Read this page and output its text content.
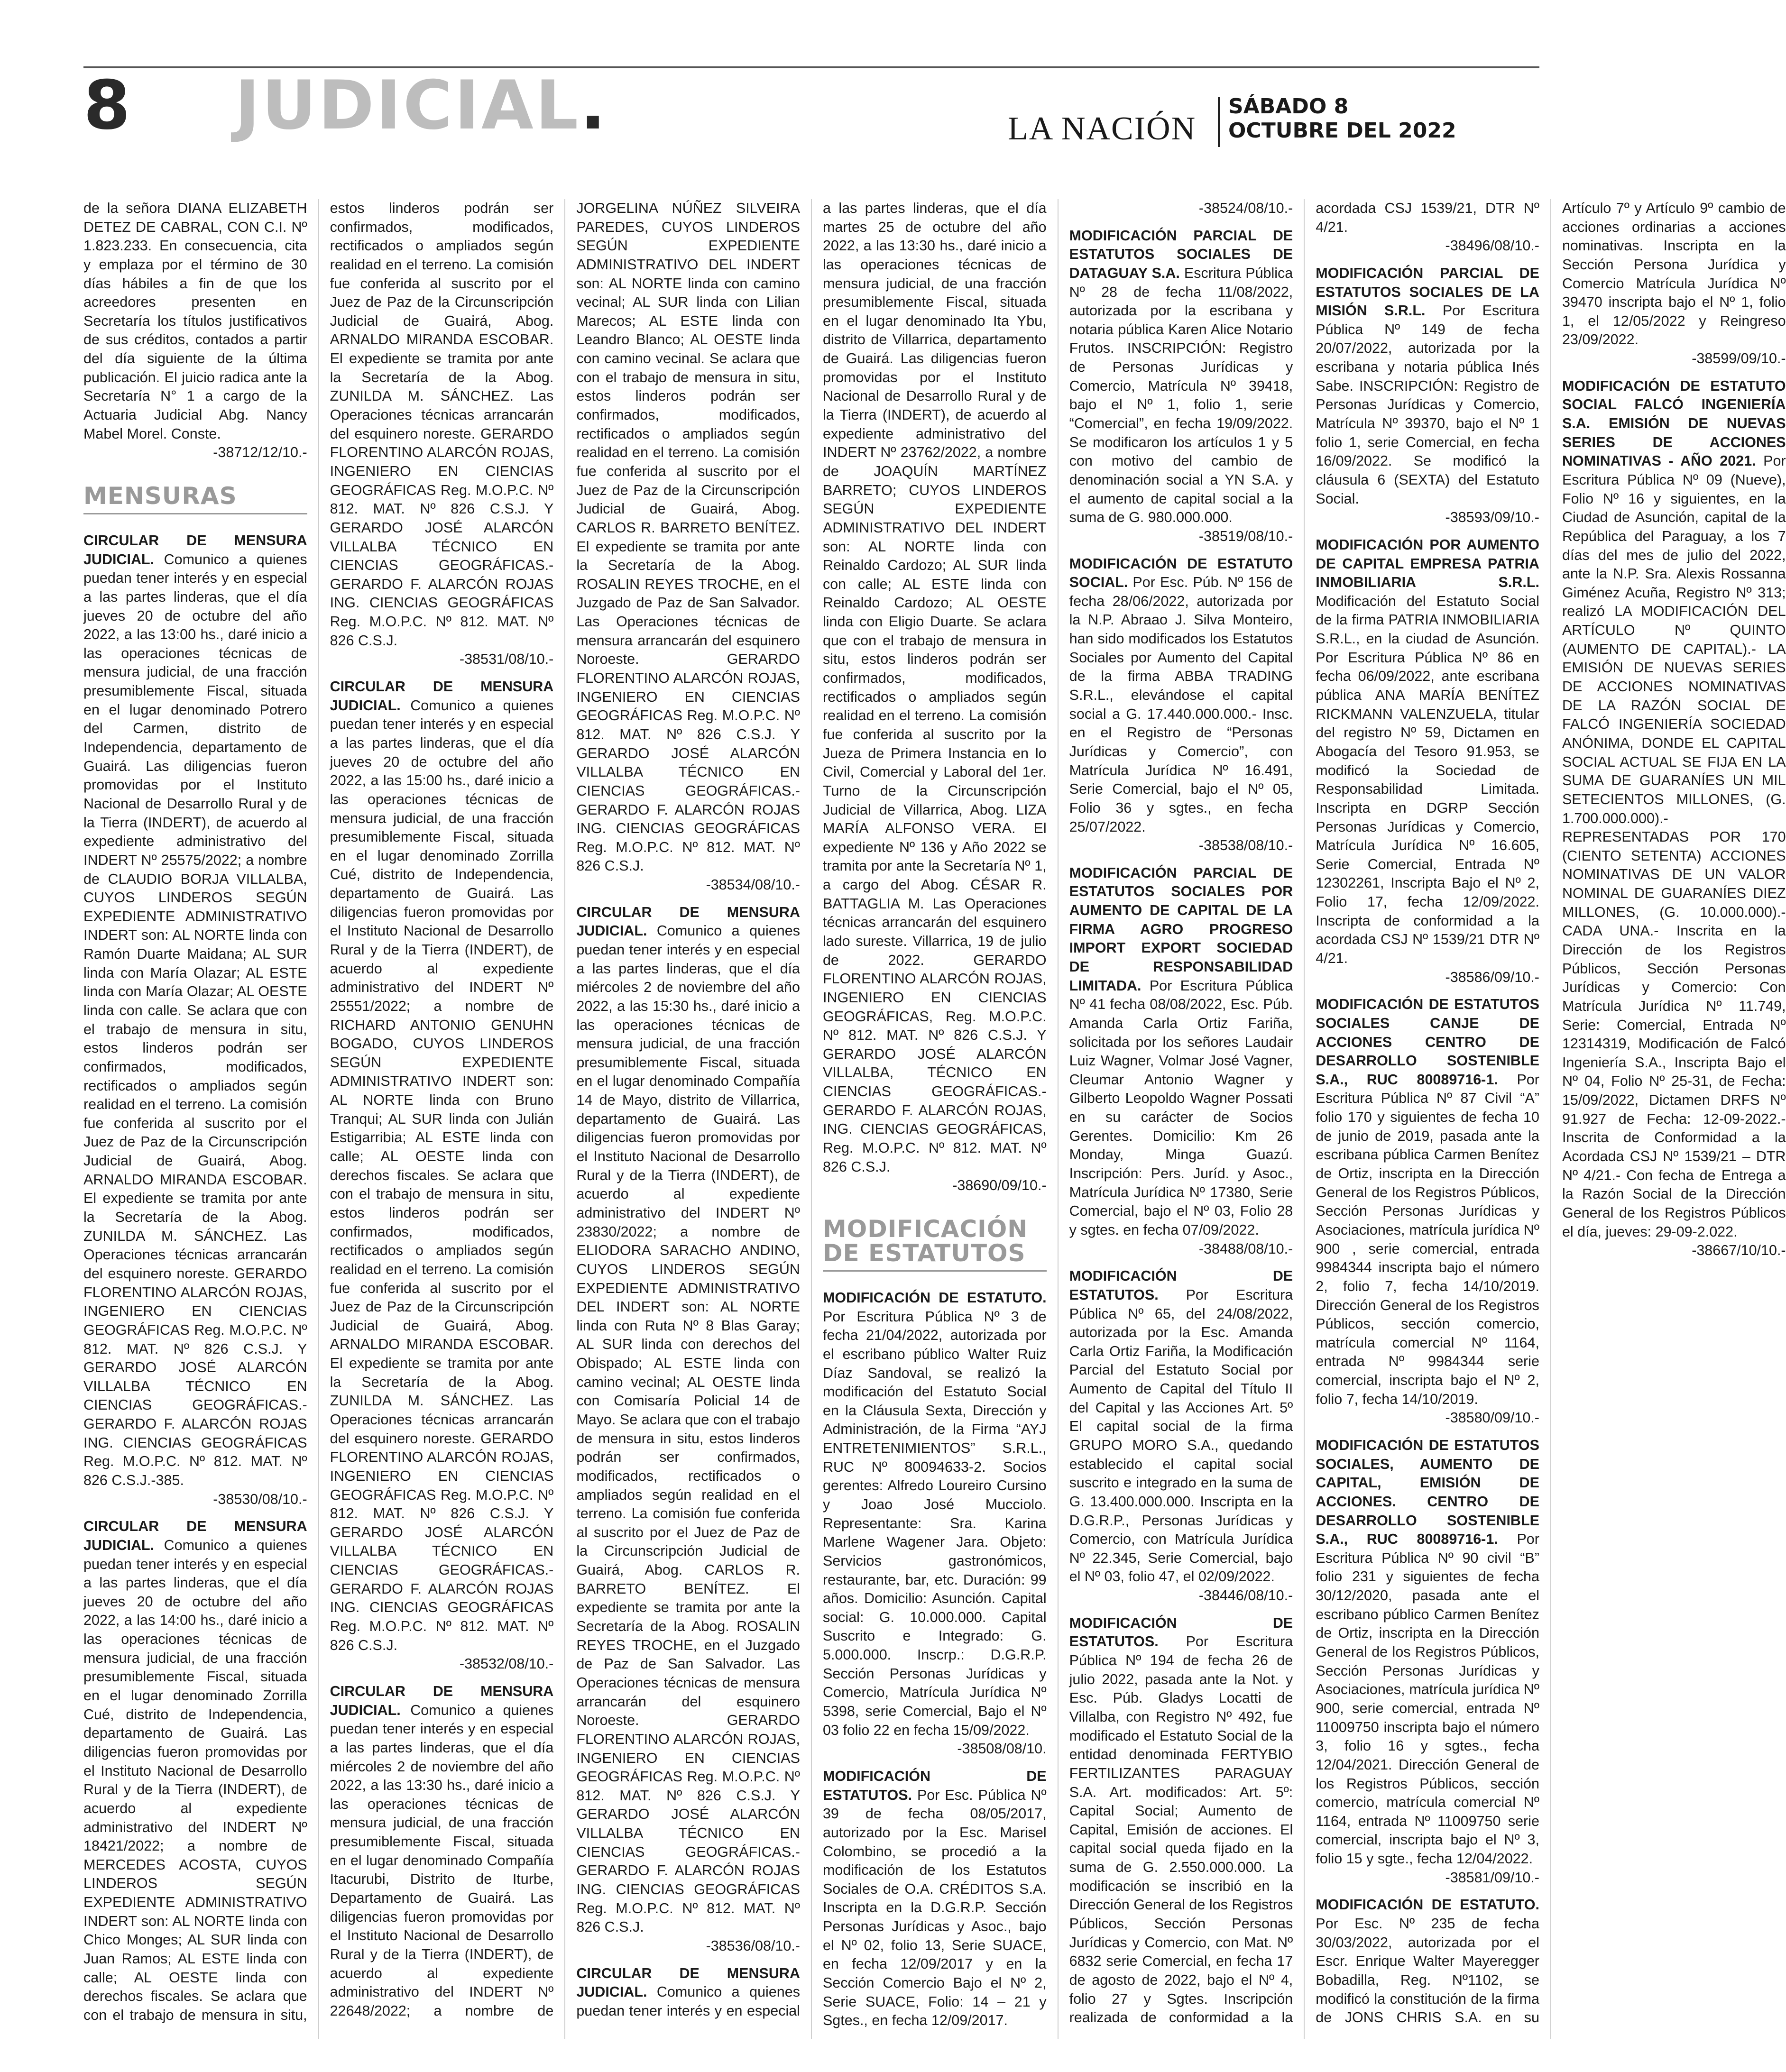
8 JUDICIAL.	LA NACIÓN
SÁBADO 8
OCTUBRE DEL 2022

de la señora DIANA ELIZABETH DETEZ DE CABRAL, CON C.I. Nº 1.823.233. En consecuencia, cita y emplaza por el término de 30 días hábiles a fin de que los acreedores presenten en Secretaría los títulos justificativos de sus créditos, contados a partir del día siguiente de la última publicación. El juicio radica ante la Secretaría N° 1 a cargo de la Actuaria Judicial Abg. Nancy Mabel Morel. Conste.
-38712/12/10.-

MENSURAS

CIRCULAR DE MENSURA JUDICIAL. Comunico a quienes puedan tener interés y en especial a las partes linderas, que el día jueves 20 de octubre del año 2022, a las 13:00 hs., daré inicio a las operaciones técnicas de mensura judicial, de una fracción presumiblemente Fiscal, situada en el lugar denominado Potrero del Carmen, distrito de Independencia, departamento de Guairá. Las diligencias fueron promovidas por el Instituto Nacional de Desarrollo Rural y de la Tierra (INDERT), de acuerdo al expediente administrativo del INDERT Nº 25575/2022; a nombre de CLAUDIO BORJA VILLALBA, CUYOS LINDEROS SEGÚN EXPEDIENTE ADMINISTRATIVO INDERT son: AL NORTE linda con Ramón Duarte Maidana; AL SUR linda con María Olazar; AL ESTE linda con María Olazar; AL OESTE linda con calle. Se aclara que con el trabajo de mensura in situ, estos linderos podrán ser confirmados, modificados, rectificados o ampliados según realidad en el terreno. La comisión fue conferida al suscrito por el Juez de Paz de la Circunscripción Judicial de Guairá, Abog. ARNALDO MIRANDA ESCOBAR. El expediente se tramita por ante la Secretaría de la Abog. ZUNILDA M. SÁNCHEZ. Las Operaciones técnicas arrancarán del esquinero noreste. GERARDO FLORENTINO ALARCÓN ROJAS, INGENIERO EN CIENCIAS GEOGRÁFICAS Reg. M.O.P.C. Nº 812. MAT. Nº 826 C.S.J. Y GERARDO JOSÉ ALARCÓN VILLALBA TÉCNICO EN CIENCIAS GEOGRÁFICAS.- GERARDO F. ALARCÓN ROJAS ING. CIENCIAS GEOGRÁFICAS Reg. M.O.P.C. Nº 812. MAT. Nº 826 C.S.J.-385.
-38530/08/10.-

CIRCULAR DE MENSURA JUDICIAL. Comunico a quienes puedan tener interés y en especial a las partes linderas, que el día jueves 20 de octubre del año 2022, a las 14:00 hs., daré inicio a las operaciones técnicas de mensura judicial, de una fracción presumiblemente Fiscal, situada en el lugar denominado Zorrilla Cué, distrito de Independencia, departamento de Guairá. Las diligencias fueron promovidas por el Instituto Nacional de Desarrollo Rural y de la Tierra (INDERT), de acuerdo al expediente administrativo del INDERT Nº 18421/2022; a nombre de MERCEDES ACOSTA, CUYOS LINDEROS SEGÚN EXPEDIENTE ADMINISTRATIVO INDERT son: AL NORTE linda con Chico Monges; AL SUR linda con Juan Ramos; AL ESTE linda con calle; AL OESTE linda con derechos fiscales. Se aclara que con el trabajo de mensura in situ, estos linderos podrán ser confirmados, modificados, rectificados o ampliados según realidad en el terreno. La comisión fue conferida al suscrito por el Juez de Paz de la Circunscripción Judicial de Guairá, Abog. ARNALDO MIRANDA ESCOBAR. El expediente se tramita por ante la Secretaría de la Abog. ZUNILDA M. SÁNCHEZ. Las Operaciones técnicas arrancarán del esquinero noreste. GERARDO FLORENTINO ALARCÓN ROJAS, INGENIERO EN CIENCIAS GEOGRÁFICAS Reg. M.O.P.C. Nº 812. MAT. Nº 826 C.S.J. Y GERARDO JOSÉ ALARCÓN VILLALBA TÉCNICO EN CIENCIAS GEOGRÁFICAS.- GERARDO F. ALARCÓN ROJAS ING. CIENCIAS GEOGRÁFICAS Reg. M.O.P.C. Nº 812. MAT. Nº 826 C.S.J.
-38531/08/10.-

CIRCULAR DE MENSURA JUDICIAL. Comunico a quienes puedan tener interés y en especial a las partes linderas, que el día jueves 20 de octubre del año 2022, a las 15:00 hs., daré inicio a las operaciones técnicas de mensura judicial, de una fracción presumiblemente Fiscal, situada en el lugar denominado Zorrilla Cué, distrito de Independencia, departamento de Guairá. Las diligencias fueron promovidas por el Instituto Nacional de Desarrollo Rural y de la Tierra (INDERT), de acuerdo al expediente administrativo del INDERT Nº 25551/2022; a nombre de RICHARD ANTONIO GENUHN BOGADO, CUYOS LINDEROS SEGÚN EXPEDIENTE ADMINISTRATIVO INDERT son: AL NORTE linda con Bruno Tranqui; AL SUR linda con Julián Estigarribia; AL ESTE linda con calle; AL OESTE linda con derechos fiscales. Se aclara que con el trabajo de mensura in situ, estos linderos podrán ser confirmados, modificados, rectificados o ampliados según realidad en el terreno. La comisión fue conferida al suscrito por el Juez de Paz de la Circunscripción Judicial de Guairá, Abog. ARNALDO MIRANDA ESCOBAR. El expediente se tramita por ante la Secretaría de la Abog. ZUNILDA M. SÁNCHEZ. Las Operaciones técnicas arrancarán del esquinero noreste. GERARDO FLORENTINO ALARCÓN ROJAS, INGENIERO EN CIENCIAS GEOGRÁFICAS Reg. M.O.P.C. Nº 812. MAT. Nº 826 C.S.J. Y GERARDO JOSÉ ALARCÓN VILLALBA TÉCNICO EN CIENCIAS GEOGRÁFICAS.- GERARDO F. ALARCÓN ROJAS ING. CIENCIAS GEOGRÁFICAS Reg. M.O.P.C. Nº 812. MAT. Nº 826 C.S.J.
-38532/08/10.-

CIRCULAR DE MENSURA JUDICIAL. Comunico a quienes puedan tener interés y en especial a las partes linderas, que el día miércoles 2 de noviembre del año 2022, a las 13:30 hs., daré inicio a las operaciones técnicas de mensura judicial, de una fracción presumiblemente Fiscal, situada en el lugar denominado Compañía Itacurubi, Distrito de Iturbe, Departamento de Guairá. Las diligencias fueron promovidas por el Instituto Nacional de Desarrollo Rural y de la Tierra (INDERT), de acuerdo al expediente administrativo del INDERT Nº 22648/2022; a nombre de JORGELINA NÚÑEZ SILVEIRA PAREDES, CUYOS LINDEROS SEGÚN EXPEDIENTE ADMINISTRATIVO DEL INDERT son: AL NORTE linda con camino vecinal; AL SUR linda con Lilian Marecos; AL ESTE linda con Leandro Blanco; AL OESTE linda con camino vecinal. Se aclara que con el trabajo de mensura in situ, estos linderos podrán ser confirmados, modificados, rectificados o ampliados según realidad en el terreno. La comisión fue conferida al suscrito por el Juez de Paz de la Circunscripción Judicial de Guairá, Abog. CARLOS R. BARRETO BENÍTEZ. El expediente se tramita por ante la Secretaría de la Abog. ROSALIN REYES TROCHE, en el Juzgado de Paz de San Salvador. Las Operaciones técnicas de mensura arrancarán del esquinero Noroeste. GERARDO FLORENTINO ALARCÓN ROJAS, INGENIERO EN CIENCIAS GEOGRÁFICAS Reg. M.O.P.C. Nº 812. MAT. Nº 826 C.S.J. Y GERARDO JOSÉ ALARCÓN VILLALBA TÉCNICO EN CIENCIAS GEOGRÁFICAS.- GERARDO F. ALARCÓN ROJAS ING. CIENCIAS GEOGRÁFICAS Reg. M.O.P.C. Nº 812. MAT. Nº 826 C.S.J.
-38534/08/10.-

CIRCULAR DE MENSURA JUDICIAL. Comunico a quienes puedan tener interés y en especial a las partes linderas, que el día miércoles 2 de noviembre del año 2022, a las 15:30 hs., daré inicio a las operaciones técnicas de mensura judicial, de una fracción presumiblemente Fiscal, situada en el lugar denominado Compañía 14 de Mayo, distrito de Villarrica, departamento de Guairá. Las diligencias fueron promovidas por el Instituto Nacional de Desarrollo Rural y de la Tierra (INDERT), de acuerdo al expediente administrativo del INDERT Nº 23830/2022; a nombre de ELIODORA SARACHO ANDINO, CUYOS LINDEROS SEGÚN EXPEDIENTE ADMINISTRATIVO DEL INDERT son: AL NORTE linda con Ruta Nº 8 Blas Garay; AL SUR linda con derechos del Obispado; AL ESTE linda con camino vecinal; AL OESTE linda con Comisaría Policial 14 de Mayo. Se aclara que con el trabajo de mensura in situ, estos linderos podrán ser confirmados, modificados, rectificados o ampliados según realidad en el terreno. La comisión fue conferida al suscrito por el Juez de Paz de la Circunscripción Judicial de Guairá, Abog. CARLOS R. BARRETO BENÍTEZ. El expediente se tramita por ante la Secretaría de la Abog. ROSALIN REYES TROCHE, en el Juzgado de Paz de San Salvador. Las Operaciones técnicas de mensura arrancarán del esquinero Noroeste. GERARDO FLORENTINO ALARCÓN ROJAS, INGENIERO EN CIENCIAS GEOGRÁFICAS Reg. M.O.P.C. Nº 812. MAT. Nº 826 C.S.J. Y GERARDO JOSÉ ALARCÓN VILLALBA TÉCNICO EN CIENCIAS GEOGRÁFICAS.- GERARDO F. ALARCÓN ROJAS ING. CIENCIAS GEOGRÁFICAS Reg. M.O.P.C. Nº 812. MAT. Nº 826 C.S.J.
-38536/08/10.-

CIRCULAR DE MENSURA JUDICIAL. Comunico a quienes puedan tener interés y en especial a las partes linderas, que el día martes 25 de octubre del año 2022, a las 13:30 hs., daré inicio a las operaciones técnicas de mensura judicial, de una fracción presumiblemente Fiscal, situada en el lugar denominado Ita Ybu, distrito de Villarrica, departamento de Guairá. Las diligencias fueron promovidas por el Instituto Nacional de Desarrollo Rural y de la Tierra (INDERT), de acuerdo al expediente administrativo del INDERT Nº 23762/2022, a nombre de JOAQUÍN MARTÍNEZ BARRETO; CUYOS LINDEROS SEGÚN EXPEDIENTE ADMINISTRATIVO DEL INDERT son: AL NORTE linda con Reinaldo Cardozo; AL SUR linda con calle; AL ESTE linda con Reinaldo Cardozo; AL OESTE linda con Eligio Duarte. Se aclara que con el trabajo de mensura in situ, estos linderos podrán ser confirmados, modificados, rectificados o ampliados según realidad en el terreno. La comisión fue conferida al suscrito por la Jueza de Primera Instancia en lo Civil, Comercial y Laboral del 1er. Turno de la Circunscripción Judicial de Villarrica, Abog. LIZA MARÍA ALFONSO VERA. El expediente Nº 136 y Año 2022 se tramita por ante la Secretaría Nº 1, a cargo del Abog. CÉSAR R. BATTAGLIA M. Las Operaciones técnicas arrancarán del esquinero lado sureste. Villarrica, 19 de julio de 2022. GERARDO FLORENTINO ALARCÓN ROJAS, INGENIERO EN CIENCIAS GEOGRÁFICAS, Reg. M.O.P.C. Nº 812. MAT. Nº 826 C.S.J. Y GERARDO JOSÉ ALARCÓN VILLALBA, TÉCNICO EN CIENCIAS GEOGRÁFICAS.- GERARDO F. ALARCÓN ROJAS, ING. CIENCIAS GEOGRÁFICAS, Reg. M.O.P.C. Nº 812. MAT. Nº 826 C.S.J.
-38690/09/10.-

MODIFICACIÓN DE ESTATUTOS

MODIFICACIÓN DE ESTATUTO. Por Escritura Pública Nº 3 de fecha 21/04/2022, autorizada por el escribano público Walter Ruiz Díaz Sandoval, se realizó la modificación del Estatuto Social en la Cláusula Sexta, Dirección y Administración, de la Firma “AYJ ENTRETENIMIENTOS” S.R.L., RUC Nº 80094633-2. Socios gerentes: Alfredo Loureiro Cursino y Joao José Mucciolo. Representante: Sra. Karina Marlene Wagener Jara. Objeto: Servicios gastronómicos, restaurante, bar, etc. Duración: 99 años. Domicilio: Asunción. Capital social: G. 10.000.000. Capital Suscrito e Integrado: G. 5.000.000. Inscrp.: D.G.R.P. Sección Personas Jurídicas y Comercio, Matrícula Jurídica Nº 5398, serie Comercial, Bajo el Nº 03 folio 22 en fecha 15/09/2022.
-38508/08/10.

MODIFICACIÓN DE ESTATUTOS. Por Esc. Pública Nº 39 de fecha 08/05/2017, autorizado por la Esc. Marisel Colombino, se procedió a la modificación de los Estatutos Sociales de O.A. CRÉDITOS S.A. Inscripta en la D.G.R.P. Sección Personas Jurídicas y Asoc., bajo el Nº 02, folio 13, Serie SUACE, en fecha 12/09/2017 y en la Sección Comercio Bajo el Nº 2, Serie SUACE, Folio: 14 – 21 y Sgtes., en fecha 12/09/2017.
-38524/08/10.-

MODIFICACIÓN PARCIAL DE ESTATUTOS SOCIALES DE DATAGUAY S.A. Escritura Pública Nº 28 de fecha 11/08/2022, autorizada por la escribana y notaria pública Karen Alice Notario Frutos. INSCRIPCIÓN: Registro de Personas Jurídicas y Comercio, Matrícula Nº 39418, bajo el Nº 1, folio 1, serie “Comercial”, en fecha 19/09/2022. Se modificaron los artículos 1 y 5 con motivo del cambio de denominación social a YN S.A. y el aumento de capital social a la suma de G. 980.000.000.
-38519/08/10.-

MODIFICACIÓN DE ESTATUTO SOCIAL. Por Esc. Púb. Nº 156 de fecha 28/06/2022, autorizada por la N.P. Abraao J. Silva Monteiro, han sido modificados los Estatutos Sociales por Aumento del Capital de la firma ABBA TRADING S.R.L., elevándose el capital social a G. 17.440.000.000.- Insc. en el Registro de “Personas Jurídicas y Comercio”, con Matrícula Jurídica Nº 16.491, Serie Comercial, bajo el Nº 05, Folio 36 y sgtes., en fecha 25/07/2022.
-38538/08/10.-

MODIFICACIÓN PARCIAL DE ESTATUTOS SOCIALES POR AUMENTO DE CAPITAL DE LA FIRMA AGRO PROGRESO IMPORT EXPORT SOCIEDAD DE RESPONSABILIDAD LIMITADA. Por Escritura Pública Nº 41 fecha 08/08/2022, Esc. Púb. Amanda Carla Ortiz Fariña, solicitada por los señores Laudair Luiz Wagner, Volmar José Vagner, Cleumar Antonio Wagner y Gilberto Leopoldo Wagner Possati en su carácter de Socios Gerentes. Domicilio: Km 26 Monday, Minga Guazú. Inscripción: Pers. Juríd. y Asoc., Matrícula Jurídica Nº 17380, Serie Comercial, bajo el Nº 03, Folio 28 y sgtes. en fecha 07/09/2022.
-38488/08/10.-

MODIFICACIÓN DE ESTATUTOS. Por Escritura Pública Nº 65, del 24/08/2022, autorizada por la Esc. Amanda Carla Ortiz Fariña, la Modificación Parcial del Estatuto Social por Aumento de Capital del Título II del Capital y las Acciones Art. 5º El capital social de la firma GRUPO MORO S.A., quedando establecido el capital social suscrito e integrado en la suma de G. 13.400.000.000. Inscripta en la D.G.R.P., Personas Jurídicas y Comercio, con Matrícula Jurídica Nº 22.345, Serie Comercial, bajo el Nº 03, folio 47, el 02/09/2022.
-38446/08/10.-

MODIFICACIÓN DE ESTATUTOS. Por Escritura Pública Nº 194 de fecha 26 de julio 2022, pasada ante la Not. y Esc. Púb. Gladys Locatti de Villalba, con Registro Nº 492, fue modificado el Estatuto Social de la entidad denominada FERTYBIO FERTILIZANTES PARAGUAY S.A. Art. modificados: Art. 5º: Capital Social; Aumento de Capital, Emisión de acciones. El capital social queda fijado en la suma de G. 2.550.000.000. La modificación se inscribió en la Dirección General de los Registros Públicos, Sección Personas Jurídicas y Comercio, con Mat. Nº 6832 serie Comercial, en fecha 17 de agosto de 2022, bajo el Nº 4, folio 27 y Sgtes. Inscripción realizada de conformidad a la acordada CSJ 1539/21, DTR Nº 4/21.
-38496/08/10.-

MODIFICACIÓN PARCIAL DE ESTATUTOS SOCIALES DE LA MISIÓN S.R.L. Por Escritura Pública Nº 149 de fecha 20/07/2022, autorizada por la escribana y notaria pública Inés Sabe. INSCRIPCIÓN: Registro de Personas Jurídicas y Comercio, Matrícula Nº 39370, bajo el Nº 1 folio 1, serie Comercial, en fecha 16/09/2022. Se modificó la cláusula 6 (SEXTA) del Estatuto Social.
-38593/09/10.-

MODIFICACIÓN POR AUMENTO DE CAPITAL EMPRESA PATRIA INMOBILIARIA S.R.L. Modificación del Estatuto Social de la firma PATRIA INMOBILIARIA S.R.L., en la ciudad de Asunción. Por Escritura Pública Nº 86 en fecha 06/09/2022, ante escribana pública ANA MARÍA BENÍTEZ RICKMANN VALENZUELA, titular del registro Nº 59, Dictamen en Abogacía del Tesoro 91.953, se modificó la Sociedad de Responsabilidad Limitada. Inscripta en DGRP Sección Personas Jurídicas y Comercio, Matrícula Jurídica Nº 16.605, Serie Comercial, Entrada Nº 12302261, Inscripta Bajo el Nº 2, Folio 17, fecha 12/09/2022. Inscripta de conformidad a la acordada CSJ Nº 1539/21 DTR Nº 4/21.
-38586/09/10.-

MODIFICACIÓN DE ESTATUTOS SOCIALES CANJE DE ACCIONES CENTRO DE DESARROLLO SOSTENIBLE S.A., RUC 80089716-1. Por Escritura Pública Nº 87 Civil “A” folio 170 y siguientes de fecha 10 de junio de 2019, pasada ante la escribana pública Carmen Benítez de Ortiz, inscripta en la Dirección General de los Registros Públicos, Sección Personas Jurídicas y Asociaciones, matrícula jurídica Nº 900 , serie comercial, entrada 9984344 inscripta bajo el número 2, folio 7, fecha 14/10/2019. Dirección General de los Registros Públicos, sección comercio, matrícula comercial Nº 1164, entrada Nº 9984344 serie comercial, inscripta bajo el Nº 2, folio 7, fecha 14/10/2019.
-38580/09/10.-

MODIFICACIÓN DE ESTATUTOS SOCIALES, AUMENTO DE CAPITAL, EMISIÓN DE ACCIONES. CENTRO DE DESARROLLO SOSTENIBLE S.A., RUC 80089716-1. Por Escritura Pública Nº 90 civil “B” folio 231 y siguientes de fecha 30/12/2020, pasada ante el escribano público Carmen Benítez de Ortiz, inscripta en la Dirección General de los Registros Públicos, Sección Personas Jurídicas y Asociaciones, matrícula jurídica Nº 900, serie comercial, entrada Nº 11009750 inscripta bajo el número 3, folio 16 y sgtes., fecha 12/04/2021. Dirección General de los Registros Públicos, sección comercio, matrícula comercial Nº 1164, entrada Nº 11009750 serie comercial, inscripta bajo el Nº 3, folio 15 y sgte., fecha 12/04/2022.
-38581/09/10.-

MODIFICACIÓN DE ESTATUTO. Por Esc. Nº 235 de fecha 30/03/2022, autorizada por el Escr. Enrique Walter Mayeregger Bobadilla, Reg. Nº1102, se modificó la constitución de la firma de JONS CHRIS S.A. en su Artículo 7º y Artículo 9º cambio de acciones ordinarias a acciones nominativas. Inscripta en la Sección Persona Jurídica y Comercio Matrícula Jurídica Nº 39470 inscripta bajo el Nº 1, folio 1, el 12/05/2022 y Reingreso 23/09/2022.
-38599/09/10.-

MODIFICACIÓN DE ESTATUTO SOCIAL FALCÓ INGENIERÍA S.A. EMISIÓN DE NUEVAS SERIES DE ACCIONES NOMINATIVAS - AÑO 2021. Por Escritura Pública Nº 09 (Nueve), Folio Nº 16 y siguientes, en la Ciudad de Asunción, capital de la República del Paraguay, a los 7 días del mes de julio del 2022, ante la N.P. Sra. Alexis Rossanna Giménez Acuña, Registro Nº 313; realizó LA MODIFICACIÓN DEL ARTÍCULO Nº QUINTO (AUMENTO DE CAPITAL).- LA EMISIÓN DE NUEVAS SERIES DE ACCIONES NOMINATIVAS DE LA RAZÓN SOCIAL DE FALCÓ INGENIERÍA SOCIEDAD ANÓNIMA, DONDE EL CAPITAL SOCIAL ACTUAL SE FIJA EN LA SUMA DE GUARANÍES UN MIL SETECIENTOS MILLONES, (G. 1.700.000.000).- REPRESENTADAS POR 170 (CIENTO SETENTA) ACCIONES NOMINATIVAS DE UN VALOR NOMINAL DE GUARANÍES DIEZ MILLONES, (G. 10.000.000).- CADA UNA.- Inscrita en la Dirección de los Registros Públicos, Sección Personas Jurídicas y Comercio: Con Matrícula Jurídica Nº 11.749, Serie: Comercial, Entrada Nº 12314319, Modificación de Falcó Ingeniería S.A., Inscripta Bajo el Nº 04, Folio Nº 25-31, de Fecha: 15/09/2022, Dictamen DRFS Nº 91.927 de Fecha: 12-09-2022.- Inscrita de Conformidad a la Acordada CSJ Nº 1539/21 – DTR Nº 4/21.- Con fecha de Entrega a la Razón Social de la Dirección General de los Registros Públicos el día, jueves: 29-09-2.022.
-38667/10/10.-
